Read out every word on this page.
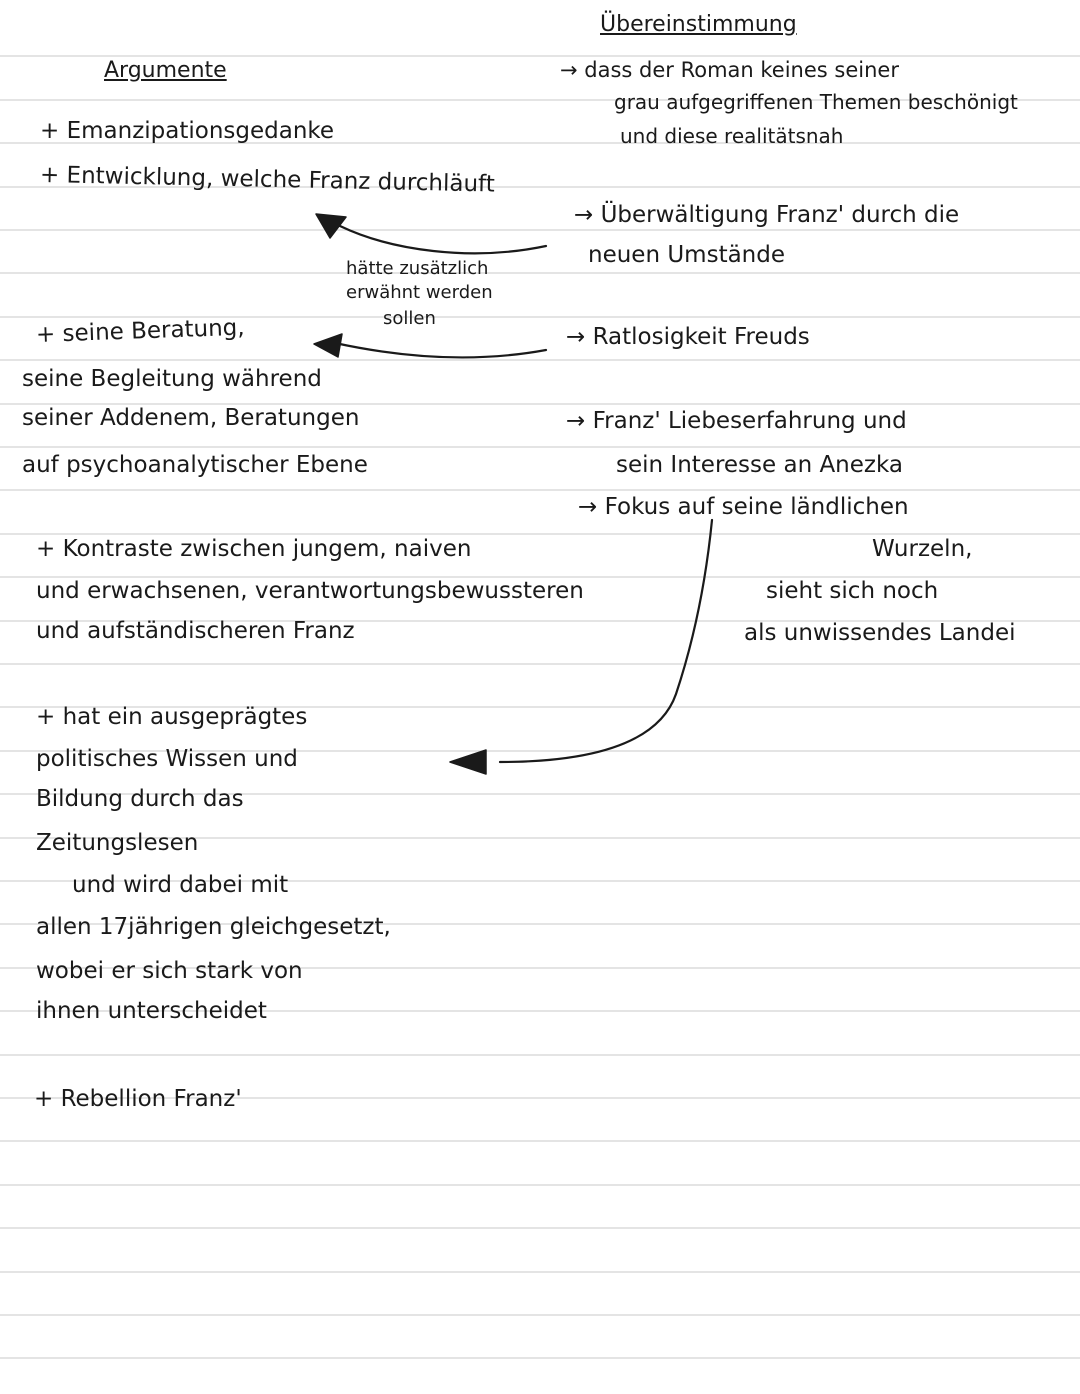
Argumente
+ Emanzipationsgedanke
+ Entwicklung, welche Franz durchläuft
hätte zusätzlich
erwähnt werden
sollen
+ seine Beratung,
seine Begleitung während
seiner Addenem, Beratungen
auf psychoanalytischer Ebene
+ Kontraste zwischen jungem, naiven
und erwachsenen, verantwortungsbewussteren
und aufständischeren Franz
+ hat ein ausgeprägtes
politisches Wissen und
Bildung durch das
Zeitungslesen
und wird dabei mit
allen 17jährigen gleichgesetzt,
wobei er sich stark von
ihnen unterscheidet
+ Rebellion Franz'
Übereinstimmung
→ dass der Roman keines seiner
grau aufgegriffenen Themen beschönigt
und diese realitätsnah
→ Überwältigung Franz' durch die
neuen Umstände
→ Ratlosigkeit Freuds
→ Franz' Liebeserfahrung und
sein Interesse an Anezka
→ Fokus auf seine ländlichen
Wurzeln,
sieht sich noch
als unwissendes Landei
